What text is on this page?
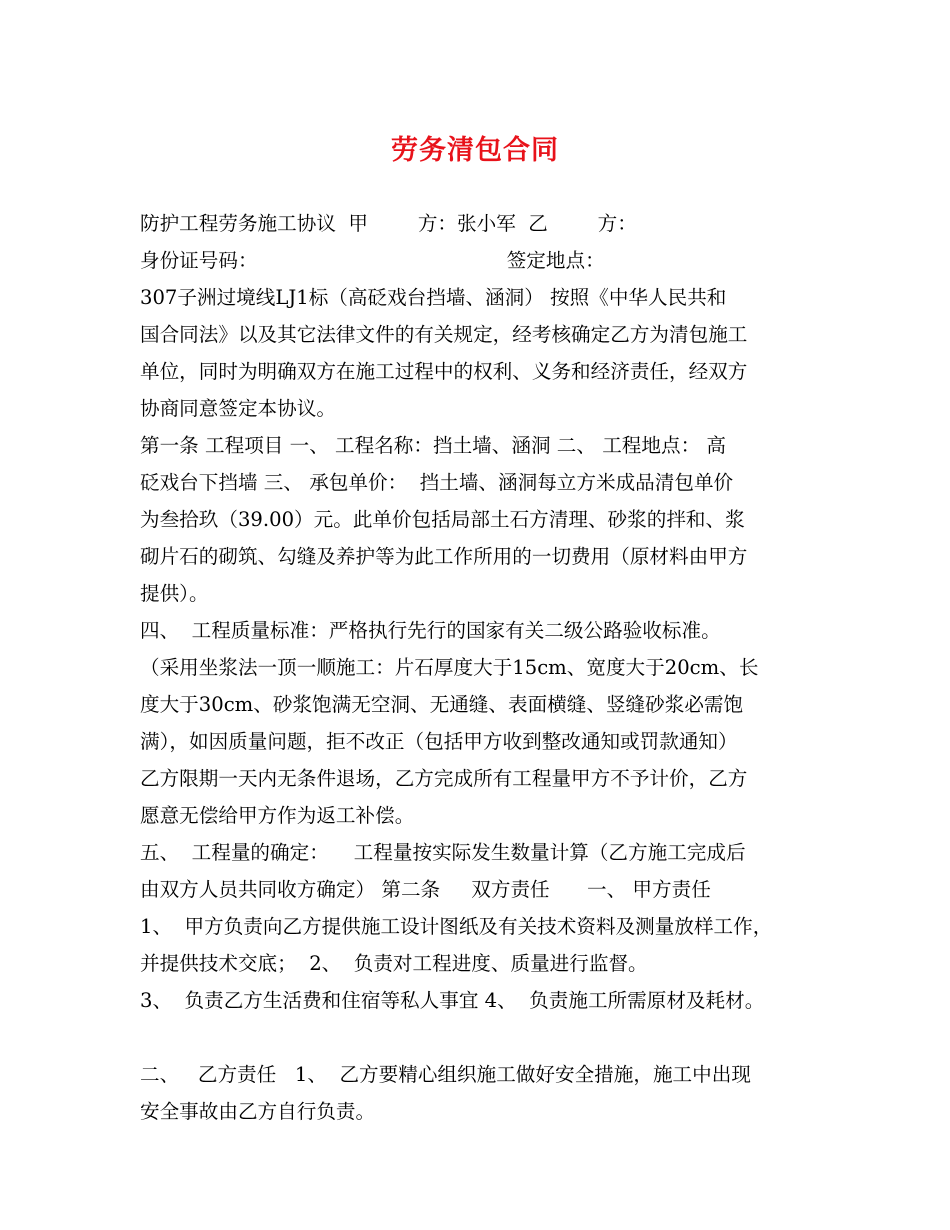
劳务清包合同
防护工程劳务施工协议  甲        方：张小军  乙        方：
身份证号码：                                        签定地点：
307子洲过境线LJ1标（高砭戏台挡墙、涵洞） 按照《中华人民共和
国合同法》以及其它法律文件的有关规定，经考核确定乙方为清包施工
单位，同时为明确双方在施工过程中的权利、义务和经济责任，经双方
协商同意签定本协议。
第一条 工程项目 一、 工程名称：挡土墙、涵洞 二、 工程地点： 高
砭戏台下挡墙 三、 承包单价：  挡土墙、涵洞每立方米成品清包单价
为叁拾玖（39.00）元。此单价包括局部土石方清理、砂浆的拌和、浆
砌片石的砌筑、勾缝及养护等为此工作所用的一切费用（原材料由甲方
提供）。
四、  工程质量标准：严格执行先行的国家有关二级公路验收标准。
（采用坐浆法一顶一顺施工：片石厚度大于15cm、宽度大于20cm、长
度大于30cm、砂浆饱满无空洞、无通缝、表面横缝、竖缝砂浆必需饱
满），如因质量问题，拒不改正（包括甲方收到整改通知或罚款通知）
乙方限期一天内无条件退场，乙方完成所有工程量甲方不予计价，乙方
愿意无偿给甲方作为返工补偿。
五、  工程量的确定：    工程量按实际发生数量计算（乙方施工完成后
由双方人员共同收方确定） 第二条     双方责任      一、 甲方责任
1、  甲方负责向乙方提供施工设计图纸及有关技术资料及测量放样工作，
并提供技术交底；  2、  负责对工程进度、质量进行监督。
3、  负责乙方生活费和住宿等私人事宜 4、  负责施工所需原材及耗材。
二、   乙方责任   1、  乙方要精心组织施工做好安全措施，施工中出现
安全事故由乙方自行负责。
